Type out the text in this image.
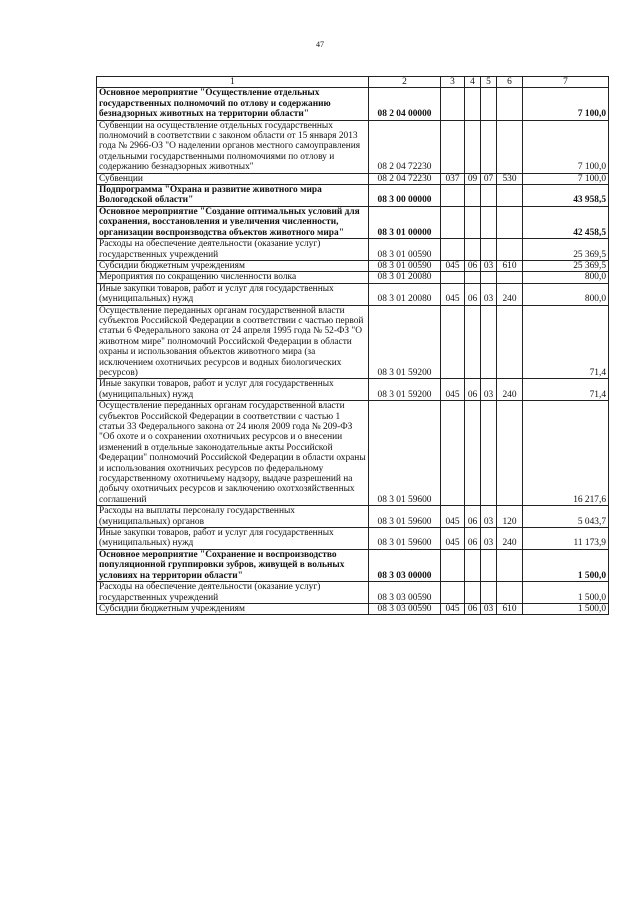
47
1	2	3	4	5	6	7
Основное мероприятие "Осуществление отдельных государственных полномочий по отлову и содержанию безнадзорных животных на территории области"	08 2 04 00000					7 100,0
Субвенции на осуществление отдельных государственных полномочий в соответствии с законом области от 15 января 2013 года № 2966-ОЗ "О наделении органов местного самоуправления отдельными государственными полномочиями по отлову и содержанию безнадзорных животных"	08 2 04 72230					7 100,0
Субвенции	08 2 04 72230	037	09	07	530	7 100,0
Подпрограмма "Охрана и развитие животного мира Вологодской области"	08 3 00 00000					43 958,5
Основное мероприятие "Создание оптимальных условий для сохранения, восстановления и увеличения численности, организации воспроизводства объектов животного мира"	08 3 01 00000					42 458,5
Расходы на обеспечение деятельности (оказание услуг) государственных учреждений	08 3 01 00590					25 369,5
Субсидии бюджетным учреждениям	08 3 01 00590	045	06	03	610	25 369,5
Мероприятия по сокращению численности волка	08 3 01 20080					800,0
Иные закупки товаров, работ и услуг для государственных (муниципальных) нужд	08 3 01 20080	045	06	03	240	800,0
Осуществление переданных органам государственной власти субъектов Российской Федерации в соответствии с частью первой статьи 6 Федерального закона от 24 апреля 1995 года № 52-ФЗ "О животном мире" полномочий Российской Федерации в области охраны и использования объектов животного мира (за исключением охотничьих ресурсов и водных биологических ресурсов)	08 3 01 59200					71,4
Иные закупки товаров, работ и услуг для государственных (муниципальных) нужд	08 3 01 59200	045	06	03	240	71,4
Осуществление переданных органам государственной власти субъектов Российской Федерации в соответствии с частью 1 статьи 33 Федерального закона от 24 июля 2009 года № 209-ФЗ "Об охоте и о сохранении охотничьих ресурсов и о внесении изменений в отдельные законодательные акты Российской Федерации" полномочий Российской Федерации в области охраны и использования охотничьих ресурсов по федеральному государственному охотничьему надзору, выдаче разрешений на добычу охотничьих ресурсов и заключению охотхозяйственных соглашений	08 3 01 59600					16 217,6
Расходы на выплаты персоналу государственных (муниципальных) органов	08 3 01 59600	045	06	03	120	5 043,7
Иные закупки товаров, работ и услуг для государственных (муниципальных) нужд	08 3 01 59600	045	06	03	240	11 173,9
Основное мероприятие "Сохранение и воспроизводство популяционной группировки зубров, живущей в вольных условиях на территории области"	08 3 03 00000					1 500,0
Расходы на обеспечение деятельности (оказание услуг) государственных учреждений	08 3 03 00590					1 500,0
Субсидии бюджетным учреждениям	08 3 03 00590	045	06	03	610	1 500,0
